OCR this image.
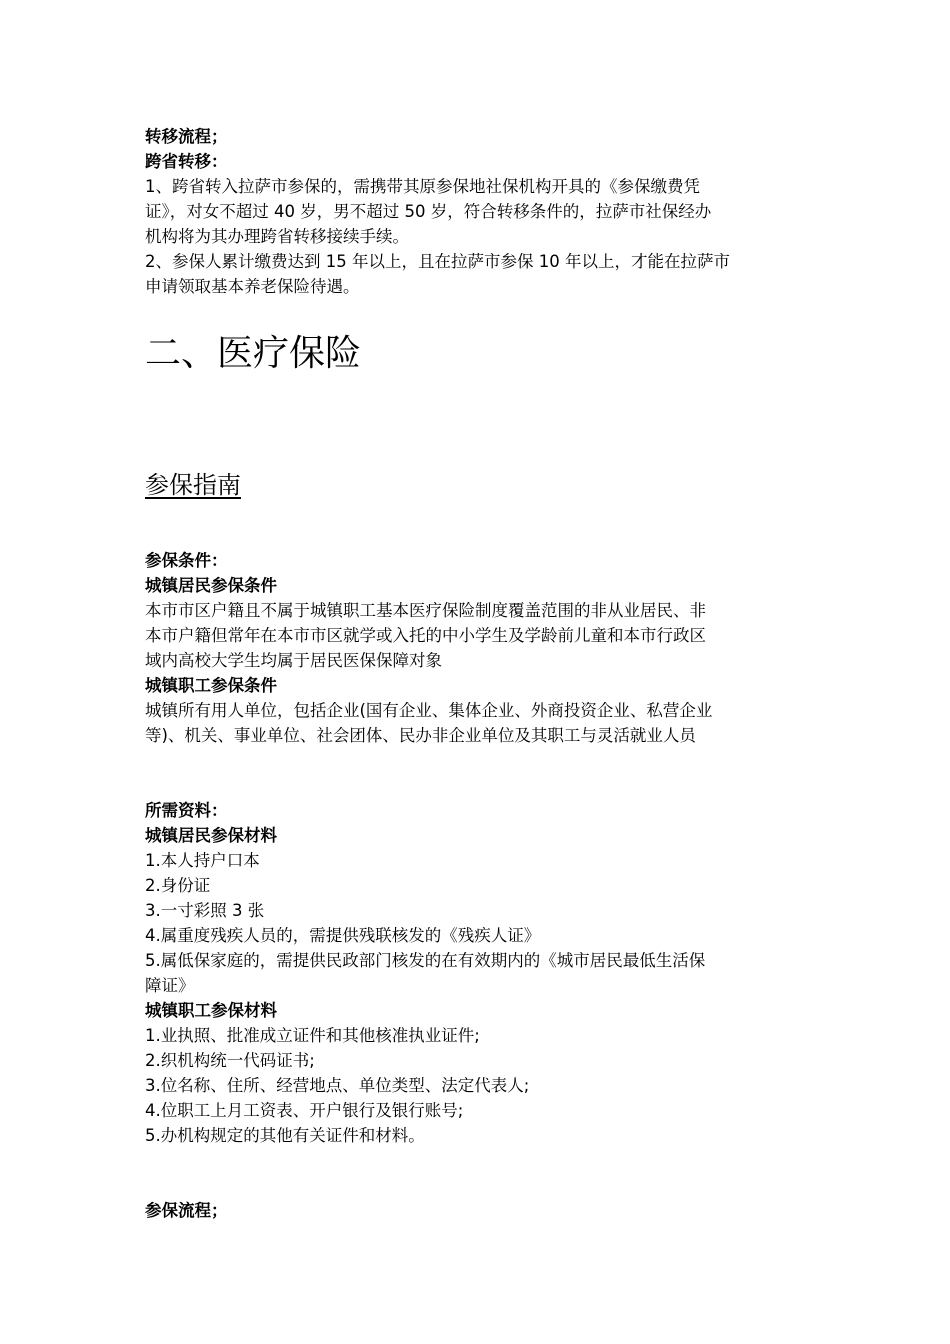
转移流程；

跨省转移：

1、跨省转入拉萨市参保的，需携带其原参保地社保机构开具的《参保缴费凭

证》，对女不超过 40 岁，男不超过 50 岁，符合转移条件的，拉萨市社保经办

机构将为其办理跨省转移接续手续。

2、参保人累计缴费达到 15 年以上，且在拉萨市参保 10 年以上，才能在拉萨市

申请领取基本养老保险待遇。

二、医疗保险
参保指南

参保条件：

城镇居民参保条件

本市市区户籍且不属于城镇职工基本医疗保险制度覆盖范围的非从业居民、非

本市户籍但常年在本市市区就学或入托的中小学生及学龄前儿童和本市行政区

域内高校大学生均属于居民医保保障对象

城镇职工参保条件

城镇所有用人单位，包括企业(国有企业、集体企业、外商投资企业、私营企业

等)、机关、事业单位、社会团体、民办非企业单位及其职工与灵活就业人员

所需资料：

城镇居民参保材料

1.本人持户口本

2.身份证

3.一寸彩照 3 张

4.属重度残疾人员的，需提供残联核发的《残疾人证》

5.属低保家庭的，需提供民政部门核发的在有效期内的《城市居民最低生活保

障证》

城镇职工参保材料

1.业执照、批准成立证件和其他核准执业证件;

2.织机构统一代码证书;

3.位名称、住所、经营地点、单位类型、法定代表人;

4.位职工上月工资表、开户银行及银行账号;

5.办机构规定的其他有关证件和材料。

参保流程；
